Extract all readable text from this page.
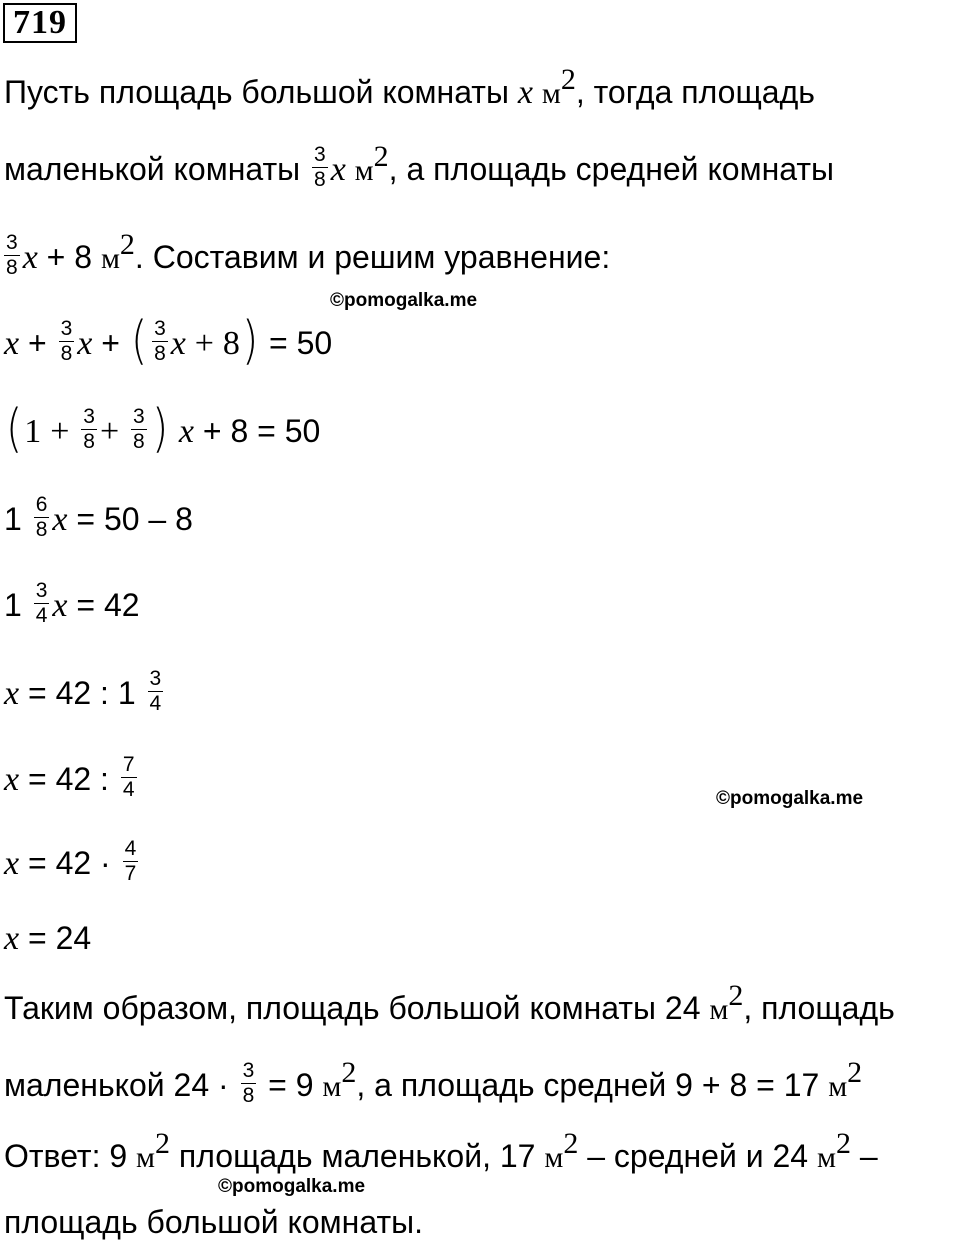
719
Пусть площадь большой комнаты x $м^2$, тогда площадь
маленькой комнаты $\frac{3}{8}$ x $м^2$, а площадь средней комнаты
$\frac{3}{8}$ x + 8 $м^2$. Составим и решим уравнение:
©pomogalka.me
$x + \frac{3}{8}$ x + ( $\frac{3}{8}$ x + 8) = 50
($1 + \frac{3}{8} + \frac{3}{8}$ ) x + 8 = 50
$1 \frac{6}{8}$ x = 50 – 8
$1 \frac{3}{4}$ x = 42
x = 42 : $1 \frac{3}{4}$
x = 42 : $\frac{7}{4}$	©pomogalka.me
$x = 42 \cdot \frac{4}{7}$
x = 24
Таким образом, площадь большой комнаты 24 $м^2$, площадь
маленькой $24 \cdot \frac{3}{8} = 9$ $м^2$, а площадь средней 9 + 8 = 17 $м^2$
Ответ: 9 $м^2$ площадь маленькой, 17 $м^2$ – средней и 24 $м^2$ –
©pomogalka.me
площадь большой комнаты.
